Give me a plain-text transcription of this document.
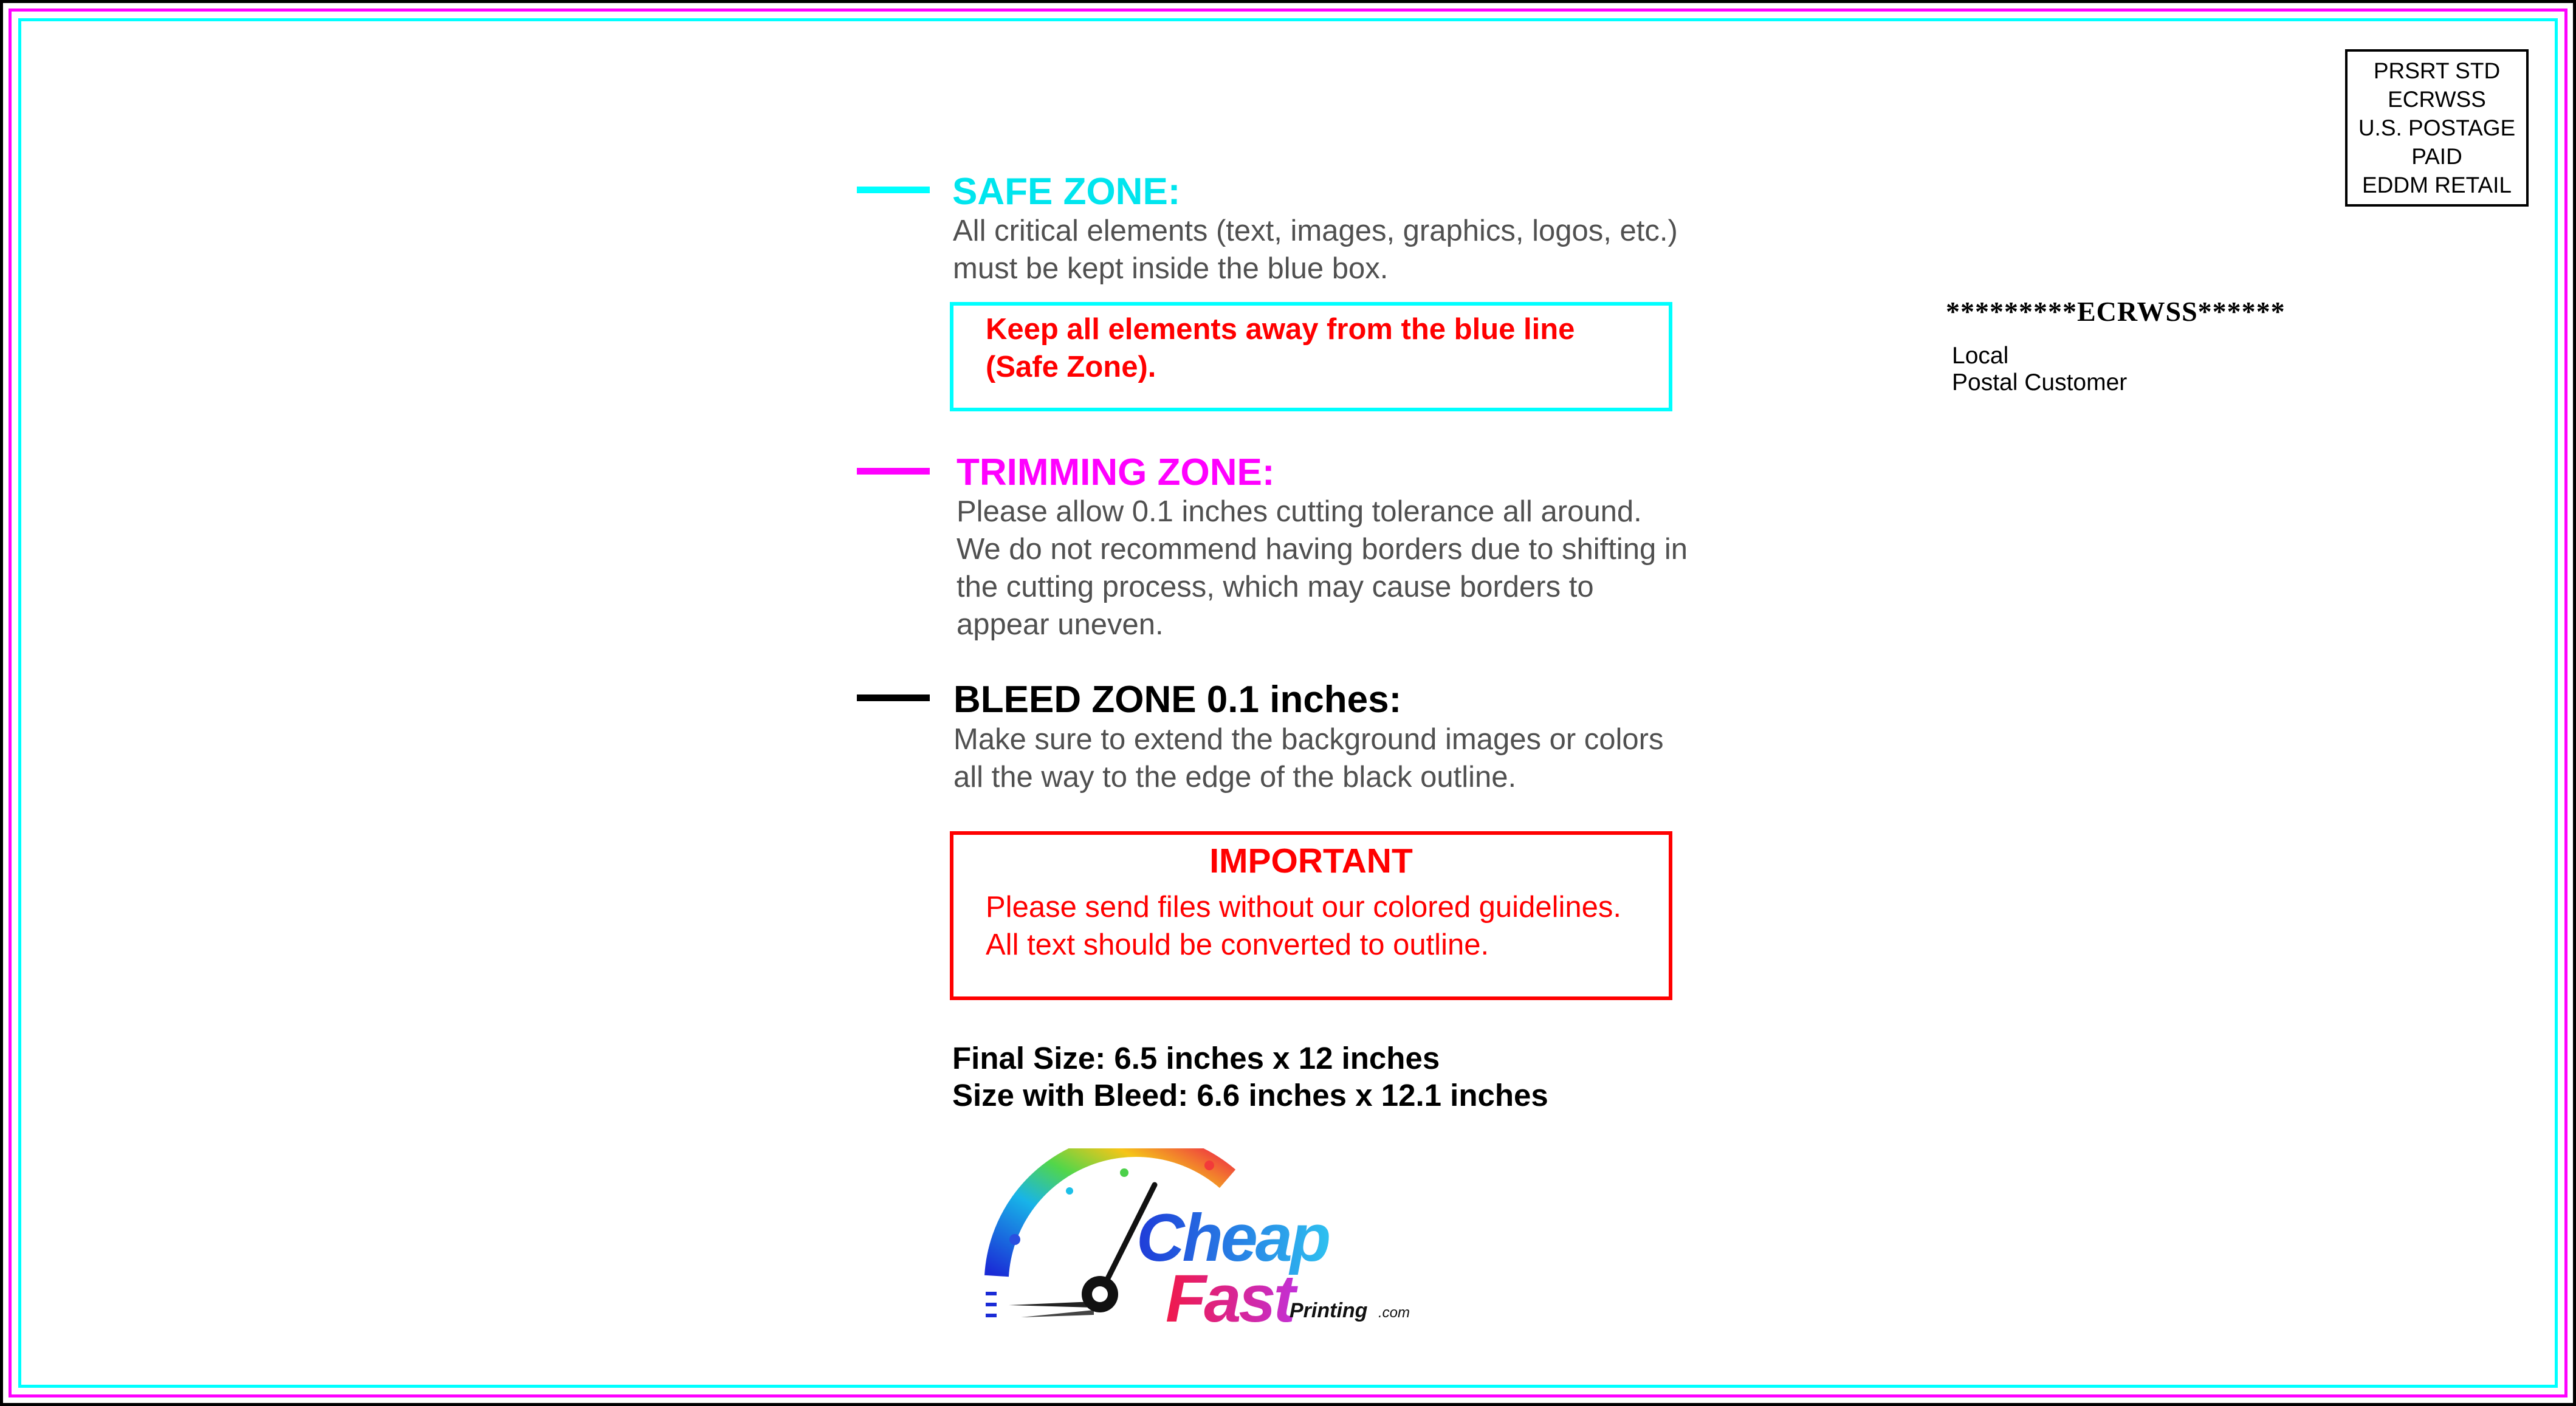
SAFE ZONE:
All critical elements (text, images, graphics, logos, etc.)
must be kept inside the blue box.
Keep all elements away from the blue line
(Safe Zone).
TRIMMING ZONE:
Please allow 0.1 inches cutting tolerance all around.
We do not recommend having borders due to shifting in
the cutting process, which may cause borders to
appear uneven.
BLEED ZONE 0.1 inches:
Make sure to extend the background images or colors
all the way to the edge of the black outline.
IMPORTANT
Please send files without our colored guidelines.
All text should be converted to outline.
Final Size: 6.5 inches x 12 inches
Size with Bleed: 6.6 inches x 12.1 inches
PRSRT STD
ECRWSS
U.S. POSTAGE
PAID
EDDM RETAIL
*********ECRWSS******
Local
Postal Customer
Cheap
Fast
Printing .com
